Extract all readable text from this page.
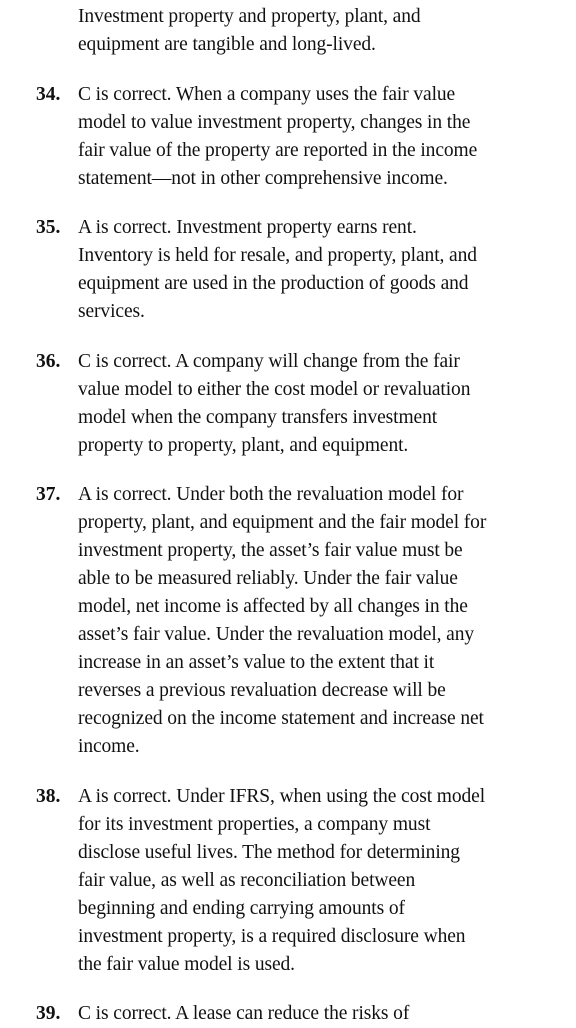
Investment property and property, plant, and
equipment are tangible and long-lived.
34. C is correct. When a company uses the fair value
model to value investment property, changes in the
fair value of the property are reported in the income
statement—not in other comprehensive income.
35. A is correct. Investment property earns rent.
Inventory is held for resale, and property, plant, and
equipment are used in the production of goods and
services.
36. C is correct. A company will change from the fair
value model to either the cost model or revaluation
model when the company transfers investment
property to property, plant, and equipment.
37. A is correct. Under both the revaluation model for
property, plant, and equipment and the fair model for
investment property, the asset’s fair value must be
able to be measured reliably. Under the fair value
model, net income is affected by all changes in the
asset’s fair value. Under the revaluation model, any
increase in an asset’s value to the extent that it
reverses a previous revaluation decrease will be
recognized on the income statement and increase net
income.
38. A is correct. Under IFRS, when using the cost model
for its investment properties, a company must
disclose useful lives. The method for determining
fair value, as well as reconciliation between
beginning and ending carrying amounts of
investment property, is a required disclosure when
the fair value model is used.
39. C is correct. A lease can reduce the risks of
